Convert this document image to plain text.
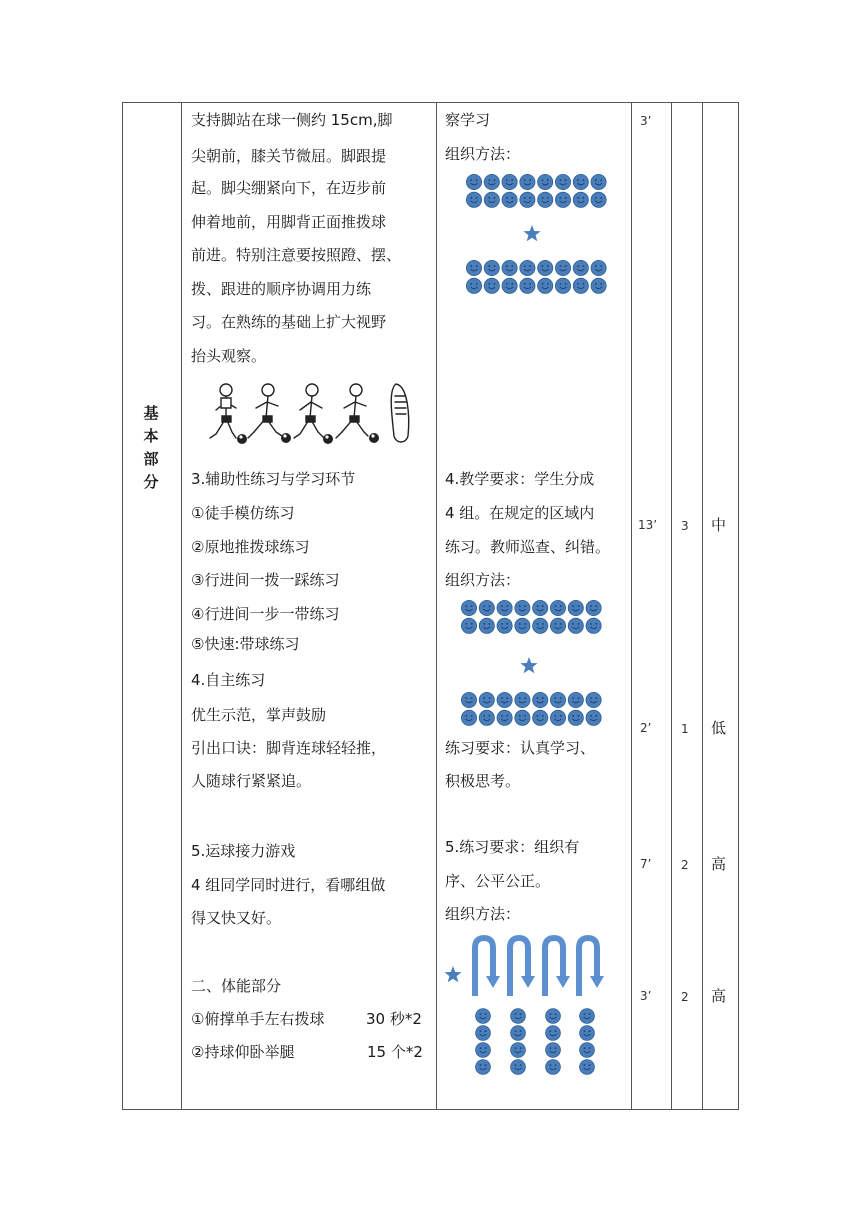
基
本
部
分
支持脚站在球一侧约 15cm,脚
尖朝前，膝关节微屈。脚跟提
起。脚尖绷紧向下，在迈步前
伸着地前，用脚背正面推拨球
前进。特别注意要按照蹬、摆、
拨、跟进的顺序协调用力练
习。在熟练的基础上扩大视野
抬头观察。
3.辅助性练习与学习环节
①徒手模仿练习
②原地推拨球练习
③行进间一拨一踩练习
④行进间一步一带练习
⑤快速:带球练习
4.自主练习
优生示范，掌声鼓励
引出口诀：脚背连球轻轻推，
人随球行紧紧追。
5.运球接力游戏
4 组同学同时进行，看哪组做
得又快又好。
二、体能部分
①俯撑单手左右拨球	30 秒*2
②持球仰卧举腿	15 个*2
察学习
组织方法：
4.教学要求：学生分成
4 组。在规定的区域内
练习。教师巡查、纠错。
组织方法：
练习要求：认真学习、
积极思考。
5.练习要求：组织有
序、公平公正。
组织方法：
3’
13’
2’
7’
3’
3
1
2
2
中
低
高
高
